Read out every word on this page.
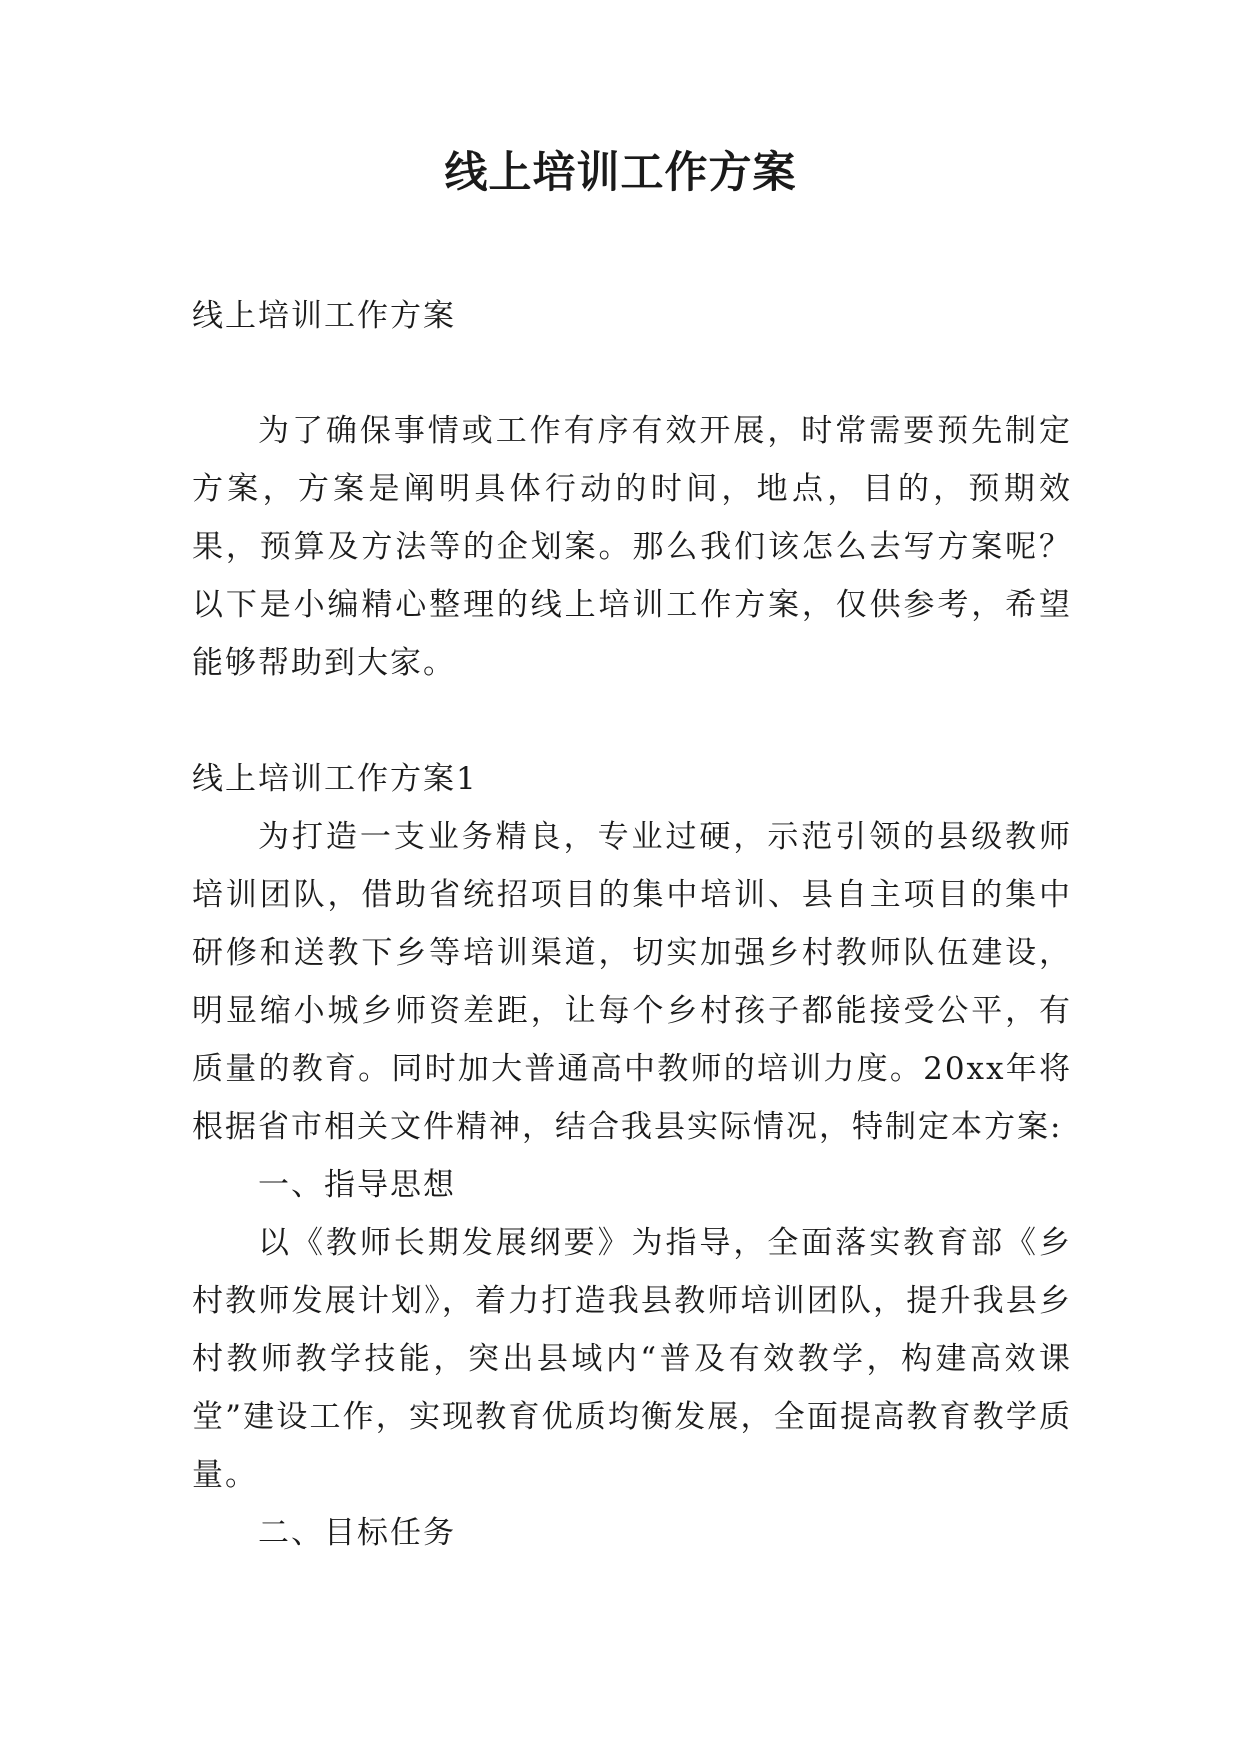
线上培训工作方案

线上培训工作方案

为了确保事情或工作有序有效开展，时常需要预先制定方案，方案是阐明具体行动的时间，地点，目的，预期效果，预算及方法等的企划案。那么我们该怎么去写方案呢？以下是小编精心整理的线上培训工作方案，仅供参考，希望能够帮助到大家。

线上培训工作方案1

为打造一支业务精良，专业过硬，示范引领的县级教师培训团队，借助省统招项目的集中培训、县自主项目的集中研修和送教下乡等培训渠道，切实加强乡村教师队伍建设，明显缩小城乡师资差距，让每个乡村孩子都能接受公平，有质量的教育。同时加大普通高中教师的培训力度。20xx年将根据省市相关文件精神，结合我县实际情况，特制定本方案:

一、指导思想

以《教师长期发展纲要》为指导，全面落实教育部《乡村教师发展计划》，着力打造我县教师培训团队，提升我县乡村教师教学技能，突出县域内“普及有效教学，构建高效课堂”建设工作，实现教育优质均衡发展，全面提高教育教学质量。

二、目标任务
